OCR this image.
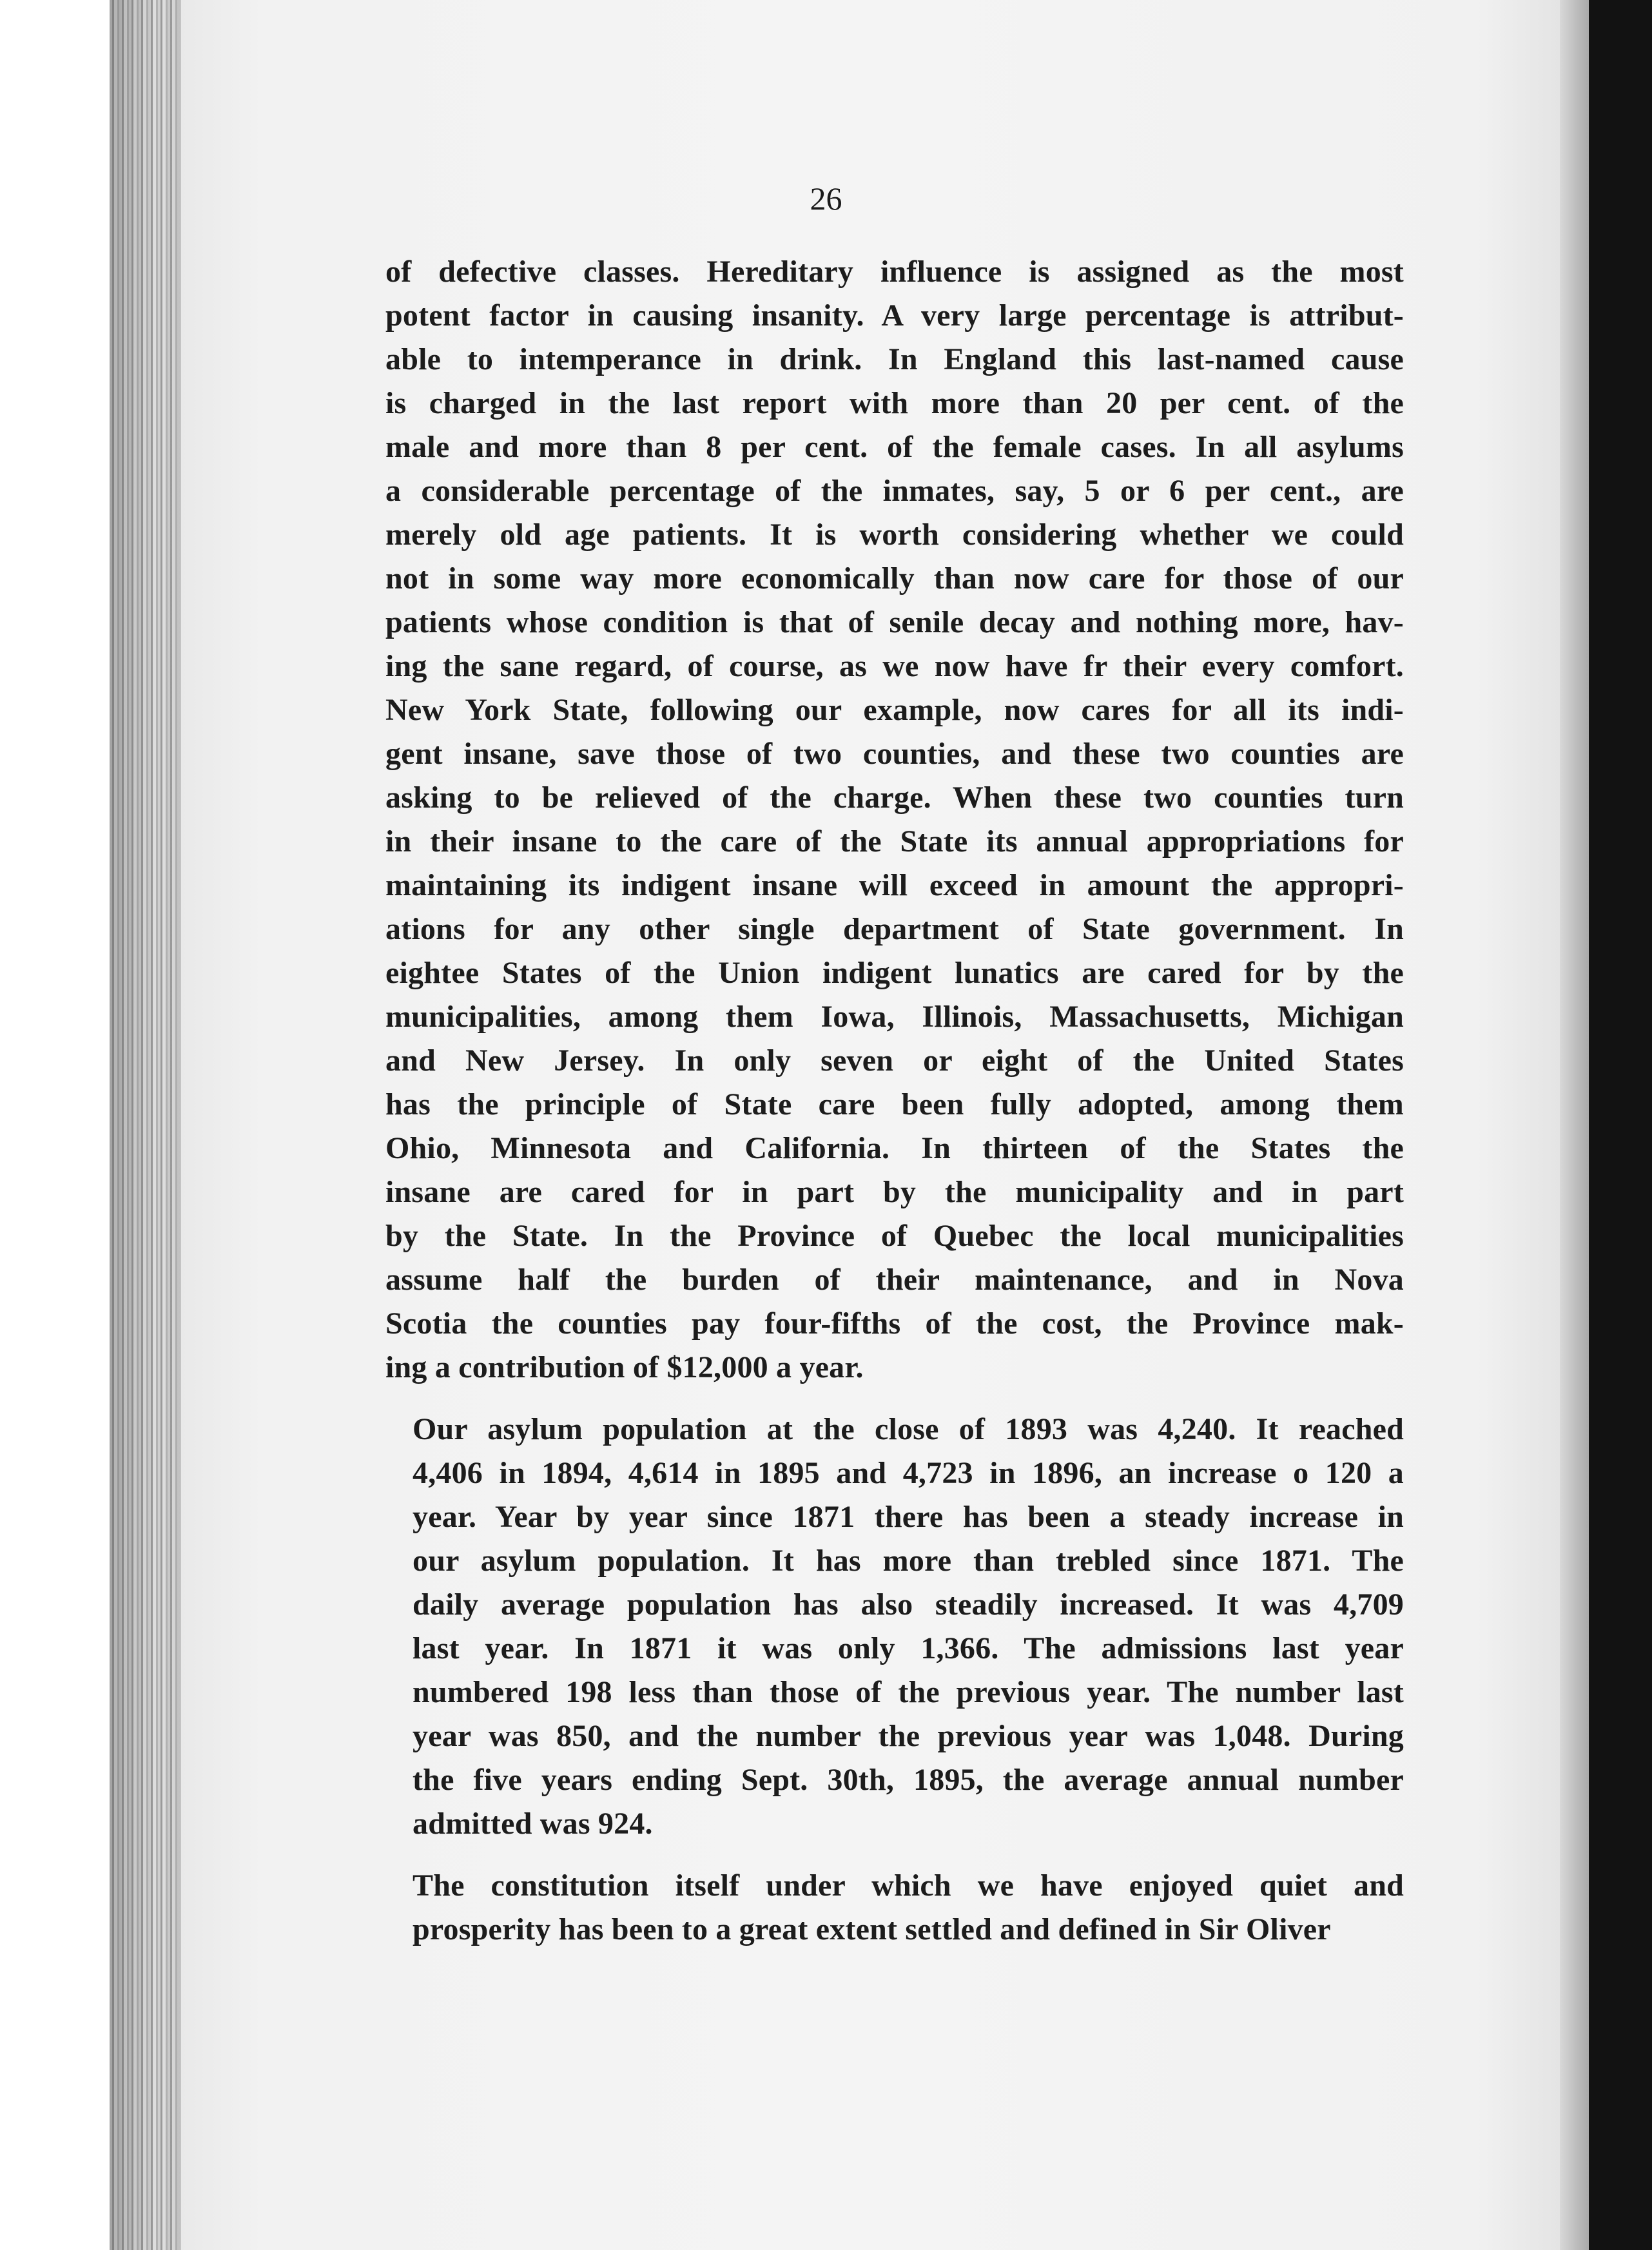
26

of defective classes. Hereditary influence is assigned as the most
potent factor in causing insanity. A very large percentage is attribut-
able to intemperance in drink. In England this last-named cause
is charged in the last report with more than 20 per cent. of the
male and more than 8 per cent. of the female cases. In all asylums
a considerable percentage of the inmates, say, 5 or 6 per cent., are
merely old age patients. It is worth considering whether we could
not in some way more economically than now care for those of our
patients whose condition is that of senile decay and nothing more, hav-
ing the sane regard, of course, as we now have fr their every comfort.
New York State, following our example, now cares for all its indi-
gent insane, save those of two counties, and these two counties are
asking to be relieved of the charge. When these two counties turn
in their insane to the care of the State its annual appropriations for
maintaining its indigent insane will exceed in amount the appropri-
ations for any other single department of State government. In
eightee States of the Union indigent lunatics are cared for by the
municipalities, among them Iowa, Illinois, Massachusetts, Michigan
and New Jersey. In only seven or eight of the United States
has the principle of State care been fully adopted, among them
Ohio, Minnesota and California. In thirteen of the States the
insane are cared for in part by the municipality and in part
by the State. In the Province of Quebec the local municipalities
assume half the burden of their maintenance, and in Nova
Scotia the counties pay four-fifths of the cost, the Province mak-
ing a contribution of $12,000 a year.

Our asylum population at the close of 1893 was 4,240. It reached
4,406 in 1894, 4,614 in 1895 and 4,723 in 1896, an increase o 120 a
year. Year by year since 1871 there has been a steady increase in
our asylum population. It has more than trebled since 1871. The
daily average population has also steadily increased. It was 4,709
last year. In 1871 it was only 1,366. The admissions last year
numbered 198 less than those of the previous year. The number last
year was 850, and the number the previous year was 1,048. During
the five years ending Sept. 30th, 1895, the average annual number
admitted was 924.

The constitution itself under which we have enjoyed quiet and
prosperity has been to a great extent settled and defined in Sir Oliver
